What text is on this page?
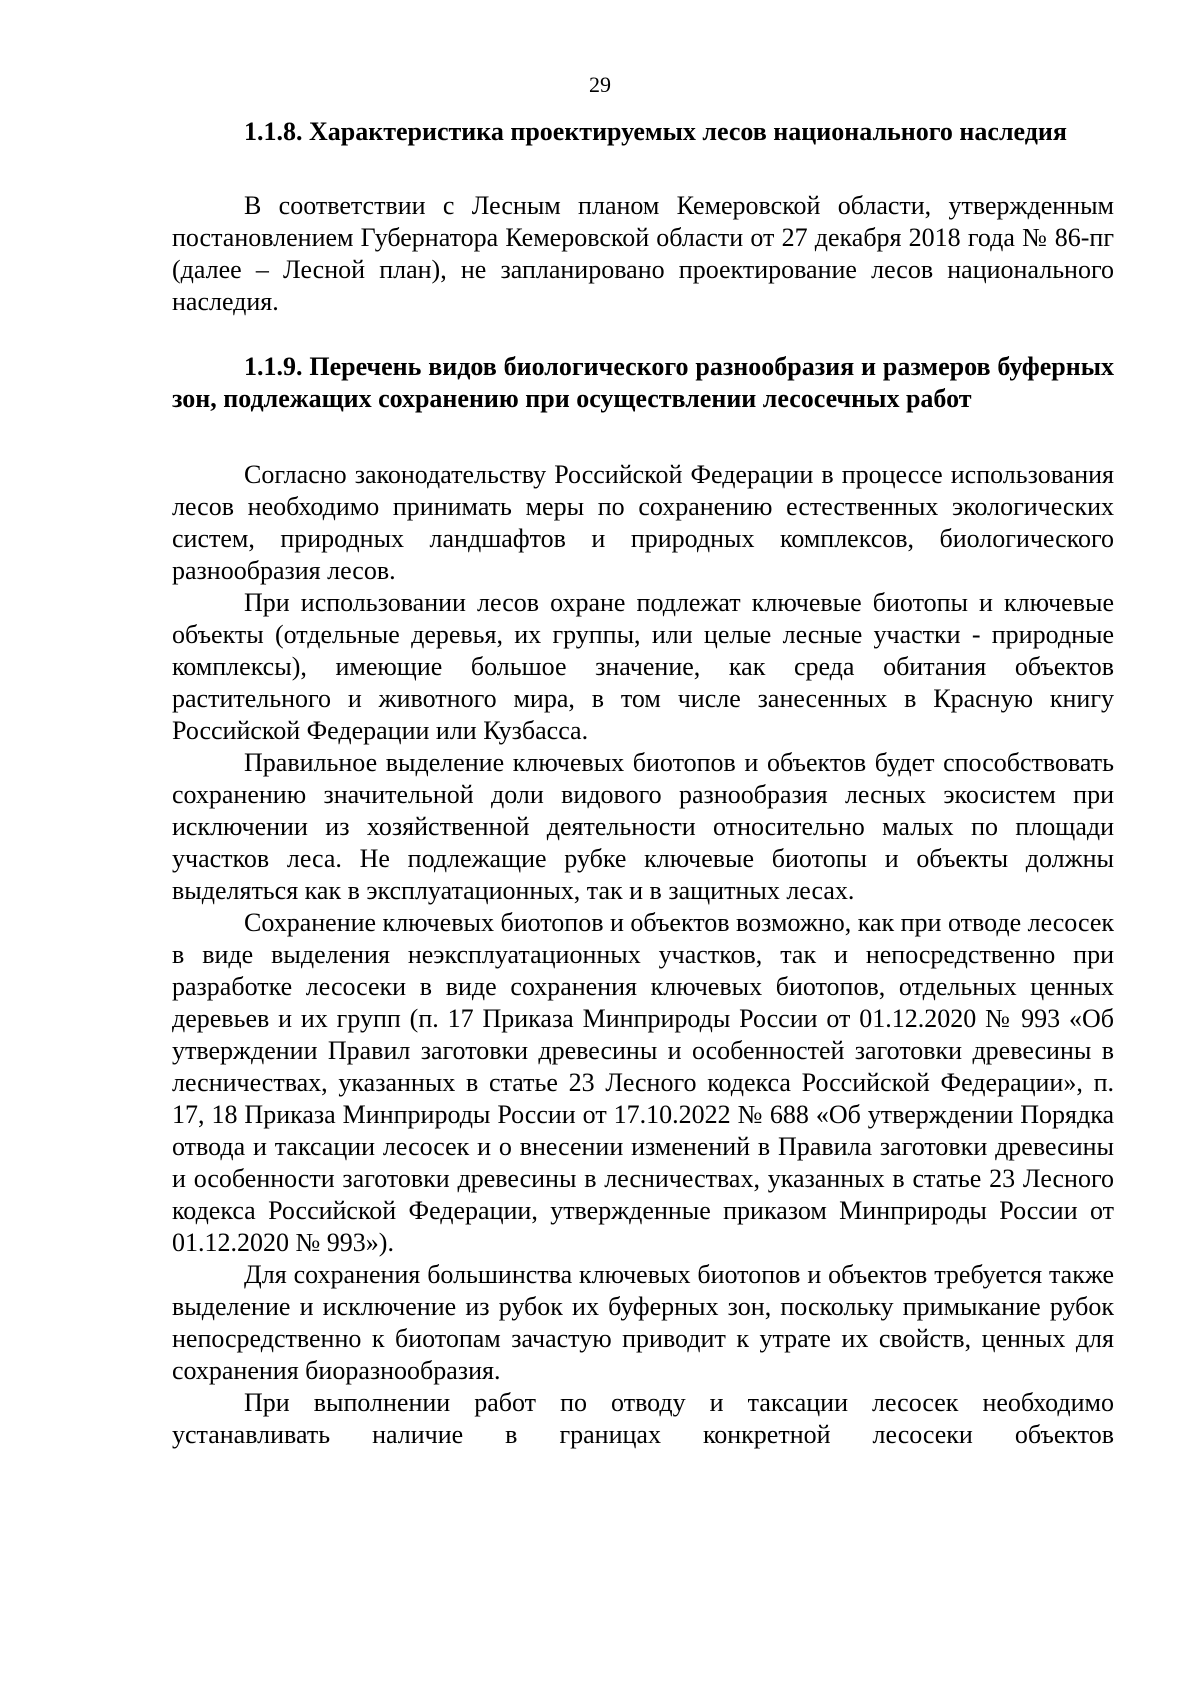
29
1.1.8. Характеристика проектируемых лесов национального наследия

В соответствии с Лесным планом Кемеровской области, утвержденным постановлением Губернатора Кемеровской области от 27 декабря 2018 года № 86-пг (далее – Лесной план), не запланировано проектирование лесов национального наследия.

1.1.9. Перечень видов биологического разнообразия и размеров буферных зон, подлежащих сохранению при осуществлении лесосечных работ

Согласно законодательству Российской Федерации в процессе использования лесов необходимо принимать меры по сохранению естественных экологических систем, природных ландшафтов и природных комплексов, биологического разнообразия лесов.

При использовании лесов охране подлежат ключевые биотопы и ключевые объекты (отдельные деревья, их группы, или целые лесные участки - природные комплексы), имеющие большое значение, как среда обитания объектов растительного и животного мира, в том числе занесенных в Красную книгу Российской Федерации или Кузбасса.

Правильное выделение ключевых биотопов и объектов будет способствовать сохранению значительной доли видового разнообразия лесных экосистем при исключении из хозяйственной деятельности относительно малых по площади участков леса. Не подлежащие рубке ключевые биотопы и объекты должны выделяться как в эксплуатационных, так и в защитных лесах.

Сохранение ключевых биотопов и объектов возможно, как при отводе лесосек в виде выделения неэксплуатационных участков, так и непосредственно при разработке лесосеки в виде сохранения ключевых биотопов, отдельных ценных деревьев и их групп (п. 17 Приказа Минприроды России от 01.12.2020 № 993 «Об утверждении Правил заготовки древесины и особенностей заготовки древесины в лесничествах, указанных в статье 23 Лесного кодекса Российской Федерации», п. 17, 18 Приказа Минприроды России от 17.10.2022 № 688 «Об утверждении Порядка отвода и таксации лесосек и о внесении изменений в Правила заготовки древесины и особенности заготовки древесины в лесничествах, указанных в статье 23 Лесного кодекса Российской Федерации, утвержденные приказом Минприроды России от 01.12.2020 № 993»).

Для сохранения большинства ключевых биотопов и объектов требуется также выделение и исключение из рубок их буферных зон, поскольку примыкание рубок непосредственно к биотопам зачастую приводит к утрате их свойств, ценных для сохранения биоразнообразия.

При выполнении работ по отводу и таксации лесосек необходимо устанавливать наличие в границах конкретной лесосеки объектов
